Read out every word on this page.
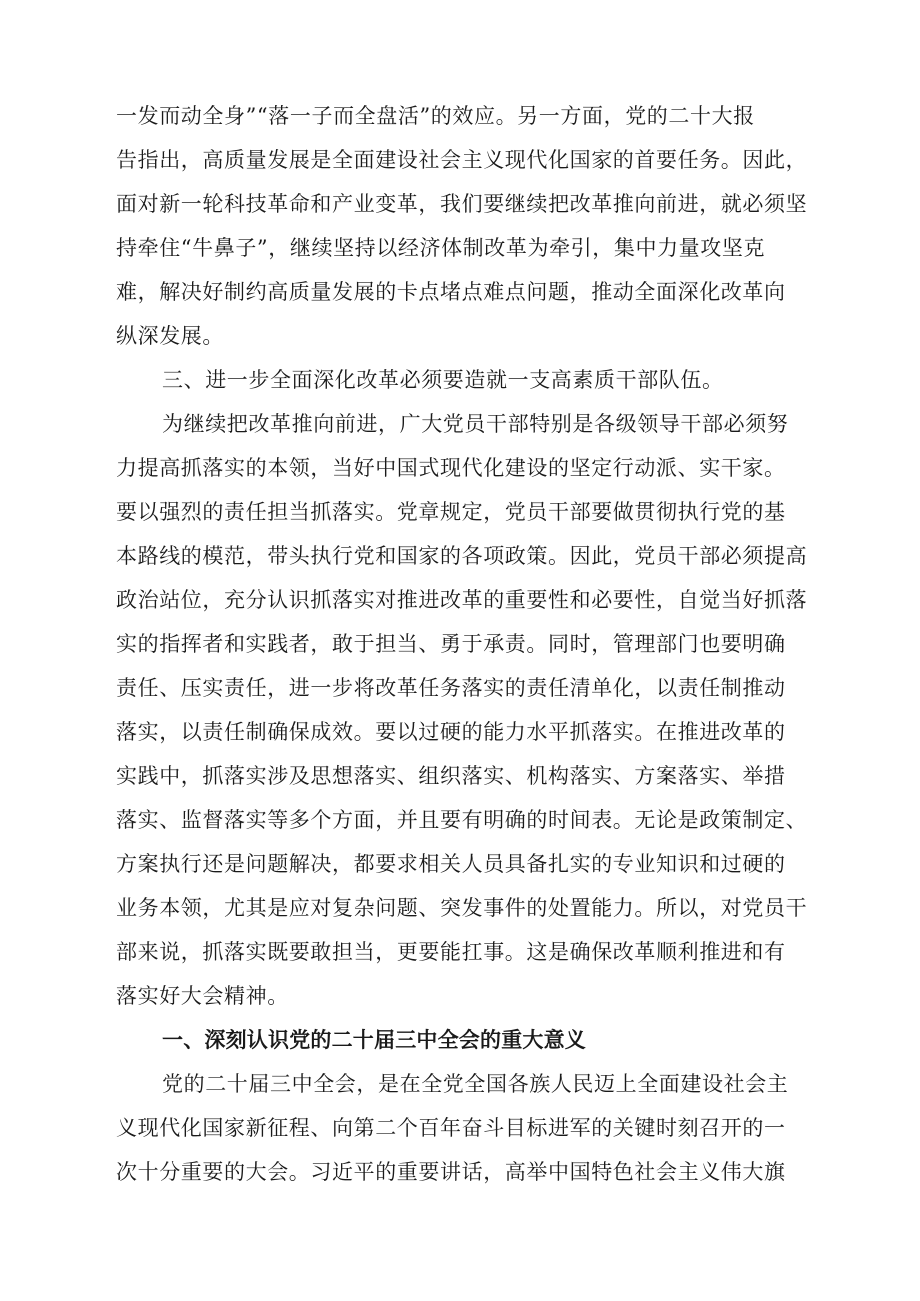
一发而动全身”“落一子而全盘活”的效应。另一方面，党的二十大报
告指出，高质量发展是全面建设社会主义现代化国家的首要任务。因此，
面对新一轮科技革命和产业变革，我们要继续把改革推向前进，就必须坚
持牵住“牛鼻子”，继续坚持以经济体制改革为牵引，集中力量攻坚克
难，解决好制约高质量发展的卡点堵点难点问题，推动全面深化改革向
纵深发展。
三、进一步全面深化改革必须要造就一支高素质干部队伍。
为继续把改革推向前进，广大党员干部特别是各级领导干部必须努
力提高抓落实的本领，当好中国式现代化建设的坚定行动派、实干家。
要以强烈的责任担当抓落实。党章规定，党员干部要做贯彻执行党的基
本路线的模范，带头执行党和国家的各项政策。因此，党员干部必须提高
政治站位，充分认识抓落实对推进改革的重要性和必要性，自觉当好抓落
实的指挥者和实践者，敢于担当、勇于承责。同时，管理部门也要明确
责任、压实责任，进一步将改革任务落实的责任清单化，以责任制推动
落实，以责任制确保成效。要以过硬的能力水平抓落实。在推进改革的
实践中，抓落实涉及思想落实、组织落实、机构落实、方案落实、举措
落实、监督落实等多个方面，并且要有明确的时间表。无论是政策制定、
方案执行还是问题解决，都要求相关人员具备扎实的专业知识和过硬的
业务本领，尤其是应对复杂问题、突发事件的处置能力。所以，对党员干
部来说，抓落实既要敢担当，更要能扛事。这是确保改革顺利推进和有
落实好大会精神。
一、深刻认识党的二十届三中全会的重大意义
党的二十届三中全会，是在全党全国各族人民迈上全面建设社会主
义现代化国家新征程、向第二个百年奋斗目标进军的关键时刻召开的一
次十分重要的大会。习近平的重要讲话，高举中国特色社会主义伟大旗
